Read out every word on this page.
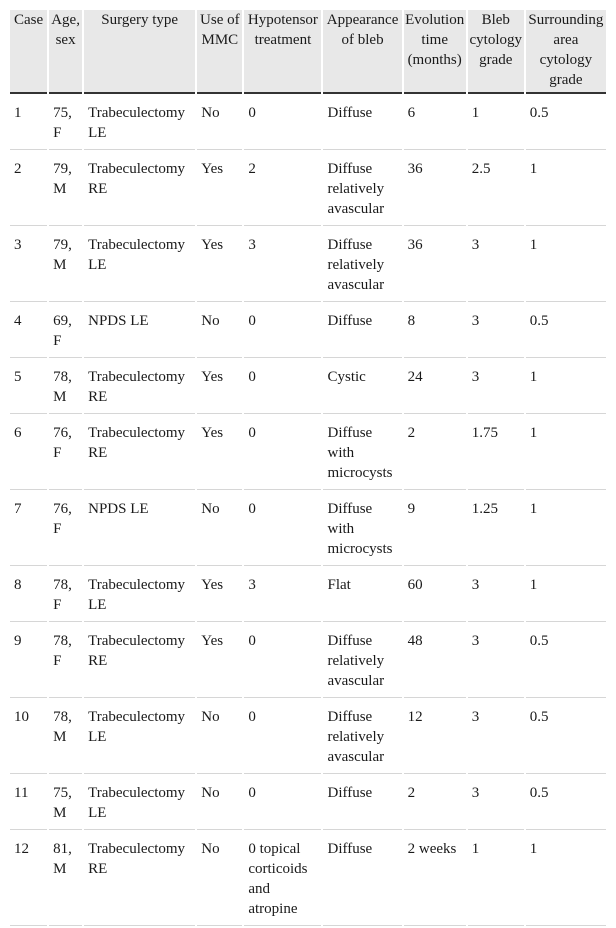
Case	Age, sex	Surgery type	Use of MMC	Hypotensor treatment	Appearance of bleb	Evolution time (months)	Bleb cytology grade	Surrounding area cytology grade
1	75, F	Trabeculectomy LE	No	0	Diffuse	6	1	0.5
2	79, M	Trabeculectomy RE	Yes	2	Diffuse relatively avascular	36	2.5	1
3	79, M	Trabeculectomy LE	Yes	3	Diffuse relatively avascular	36	3	1
4	69, F	NPDS LE	No	0	Diffuse	8	3	0.5
5	78, M	Trabeculectomy RE	Yes	0	Cystic	24	3	1
6	76, F	Trabeculectomy RE	Yes	0	Diffuse with microcysts	2	1.75	1
7	76, F	NPDS LE	No	0	Diffuse with microcysts	9	1.25	1
8	78, F	Trabeculectomy LE	Yes	3	Flat	60	3	1
9	78, F	Trabeculectomy RE	Yes	0	Diffuse relatively avascular	48	3	0.5
10	78, M	Trabeculectomy LE	No	0	Diffuse relatively avascular	12	3	0.5
11	75, M	Trabeculectomy LE	No	0	Diffuse	2	3	0.5
12	81, M	Trabeculectomy RE	No	0 topical corticoids and atropine	Diffuse	2 weeks	1	1
